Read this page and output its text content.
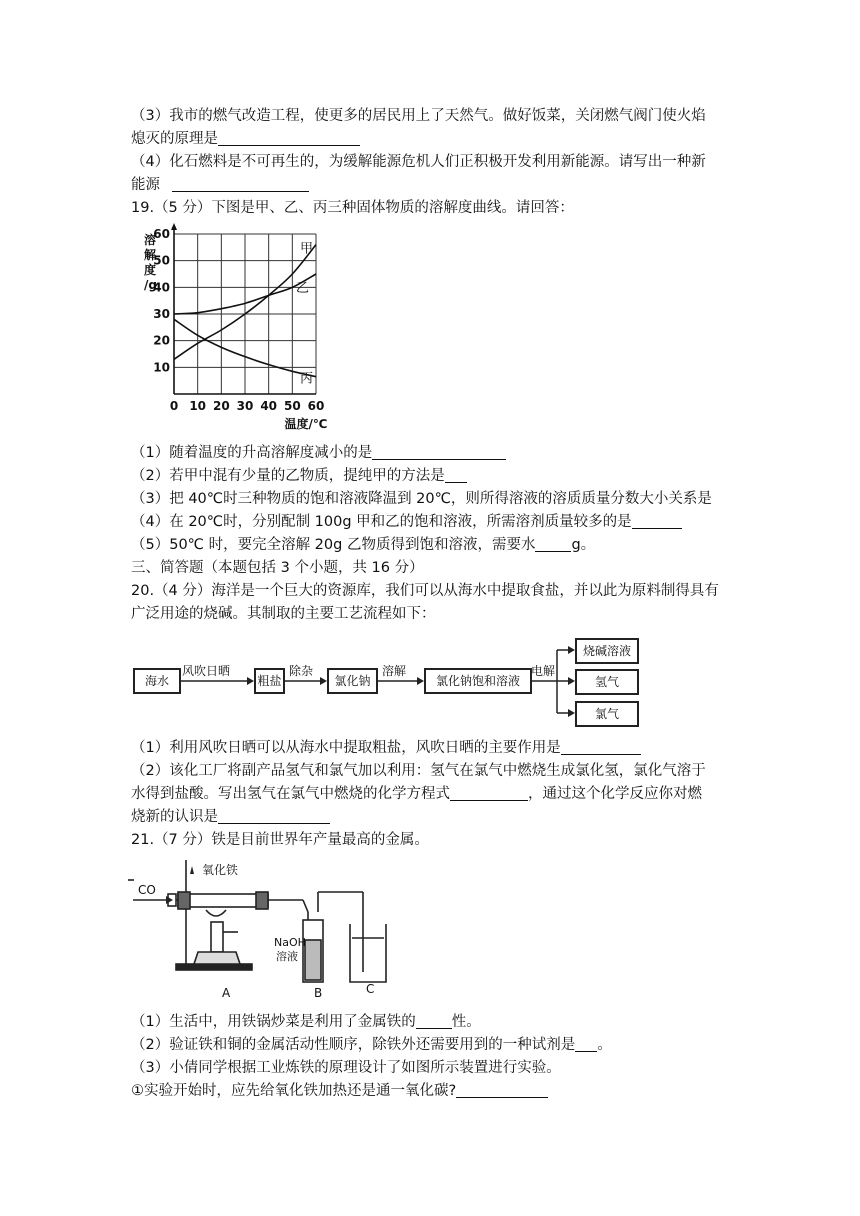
（3）我市的燃气改造工程，使更多的居民用上了天然气。做好饭菜，关闭燃气阀门使火焰
熄灭的原理是
（4）化石燃料是不可再生的，为缓解能源危机人们正积极开发利用新能源。请写出一种新
能源
19.（5 分）下图是甲、乙、丙三种固体物质的溶解度曲线。请回答：
0 10 20 30 40 50 60
10
20
30
40
50
60
溶
解
度
/g
温度/℃
甲
乙
丙
（1）随着温度的升高溶解度减小的是
（2）若甲中混有少量的乙物质，提纯甲的方法是
（3）把 40℃时三种物质的饱和溶液降温到 20℃，则所得溶液的溶质质量分数大小关系是
（4）在 20℃时，分别配制 100g 甲和乙的饱和溶液，所需溶剂质量较多的是
（5）50℃ 时，要完全溶解 20g 乙物质得到饱和溶液，需要水 g。
三、简答题（本题包括 3 个小题，共 16 分）
20.（4 分）海洋是一个巨大的资源库，我们可以从海水中提取食盐，并以此为原料制得具有
广泛用途的烧碱。其制取的主要工艺流程如下：
海水
风吹日晒
粗盐
除杂
氯化钠
溶解
氯化钠饱和溶液
电解
烧碱溶液
氢气
氯气
（1）利用风吹日晒可以从海水中提取粗盐，风吹日晒的主要作用是
（2）该化工厂将副产品氢气和氯气加以利用：氢气在氯气中燃烧生成氯化氢，氯化气溶于
水得到盐酸。写出氢气在氯气中燃烧的化学方程式	，通过这个化学反应你对燃
烧新的认识是
21.（7 分）铁是目前世界年产量最高的金属。
CO
氧化铁
NaOH
溶液
A	B	C
（1）生活中，用铁锅炒菜是利用了金属铁的 性。
（2）验证铁和铜的金属活动性顺序，除铁外还需要用到的一种试剂是 。
（3）小倩同学根据工业炼铁的原理设计了如图所示装置进行实验。
①实验开始时，应先给氧化铁加热还是通一氧化碳?
